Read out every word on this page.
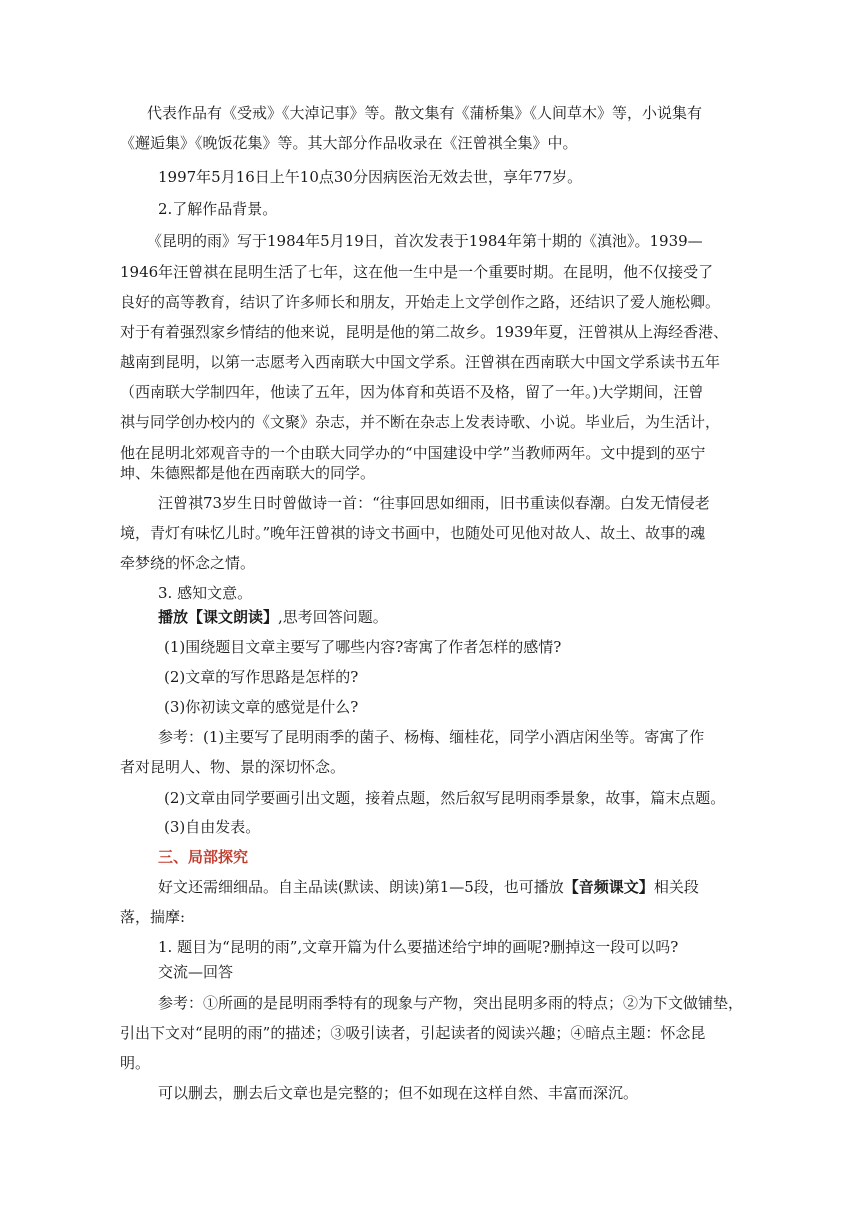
代表作品有《受戒》《大淖记事》等。散文集有《蒲桥集》《人间草木》等，小说集有
《邂逅集》《晚饭花集》等。其大部分作品收录在《汪曾祺全集》中。
1997年5月16日上午10点30分因病医治无效去世，享年77岁。
2.了解作品背景。
《昆明的雨》写于1984年5月19日，首次发表于1984年第十期的《滇池》。1939—
1946年汪曾祺在昆明生活了七年，这在他一生中是一个重要时期。在昆明，他不仅接受了
良好的高等教育，结识了许多师长和朋友，开始走上文学创作之路，还结识了爱人施松卿。
对于有着强烈家乡情结的他来说，昆明是他的第二故乡。1939年夏，汪曾祺从上海经香港、
越南到昆明，以第一志愿考入西南联大中国文学系。汪曾祺在西南联大中国文学系读书五年
（西南联大学制四年，他读了五年，因为体育和英语不及格，留了一年。)大学期间，汪曾
祺与同学创办校内的《文聚》杂志，并不断在杂志上发表诗歌、小说。毕业后，为生活计，
他在昆明北郊观音寺的一个由联大同学办的“中国建设中学”当教师两年。文中提到的巫宁
坤、朱德熙都是他在西南联大的同学。
汪曾祺73岁生日时曾做诗一首：“往事回思如细雨，旧书重读似春潮。白发无情侵老
境，青灯有味忆儿时。”晚年汪曾祺的诗文书画中，也随处可见他对故人、故土、故事的魂
牵梦绕的怀念之情。
3. 感知文意。
播放【课文朗读】,思考回答问题。
(1)围绕题目文章主要写了哪些内容?寄寓了作者怎样的感情?
(2)文章的写作思路是怎样的?
(3)你初读文章的感觉是什么?
参考：(1)主要写了昆明雨季的菌子、杨梅、缅桂花，同学小酒店闲坐等。寄寓了作
者对昆明人、物、景的深切怀念。
(2)文章由同学要画引出文题，接着点题，然后叙写昆明雨季景象，故事，篇末点题。
(3)自由发表。
三、局部探究
好文还需细细品。自主品读(默读、朗读)第1—5段，也可播放【音频课文】相关段
落，揣摩:
1. 题目为“昆明的雨”,文章开篇为什么要描述给宁坤的画呢?删掉这一段可以吗?
交流—回答
参考：①所画的是昆明雨季特有的现象与产物，突出昆明多雨的特点；②为下文做铺垫，
引出下文对“昆明的雨”的描述；③吸引读者，引起读者的阅读兴趣；④暗点主题：怀念昆
明。
可以删去，删去后文章也是完整的；但不如现在这样自然、丰富而深沉。
